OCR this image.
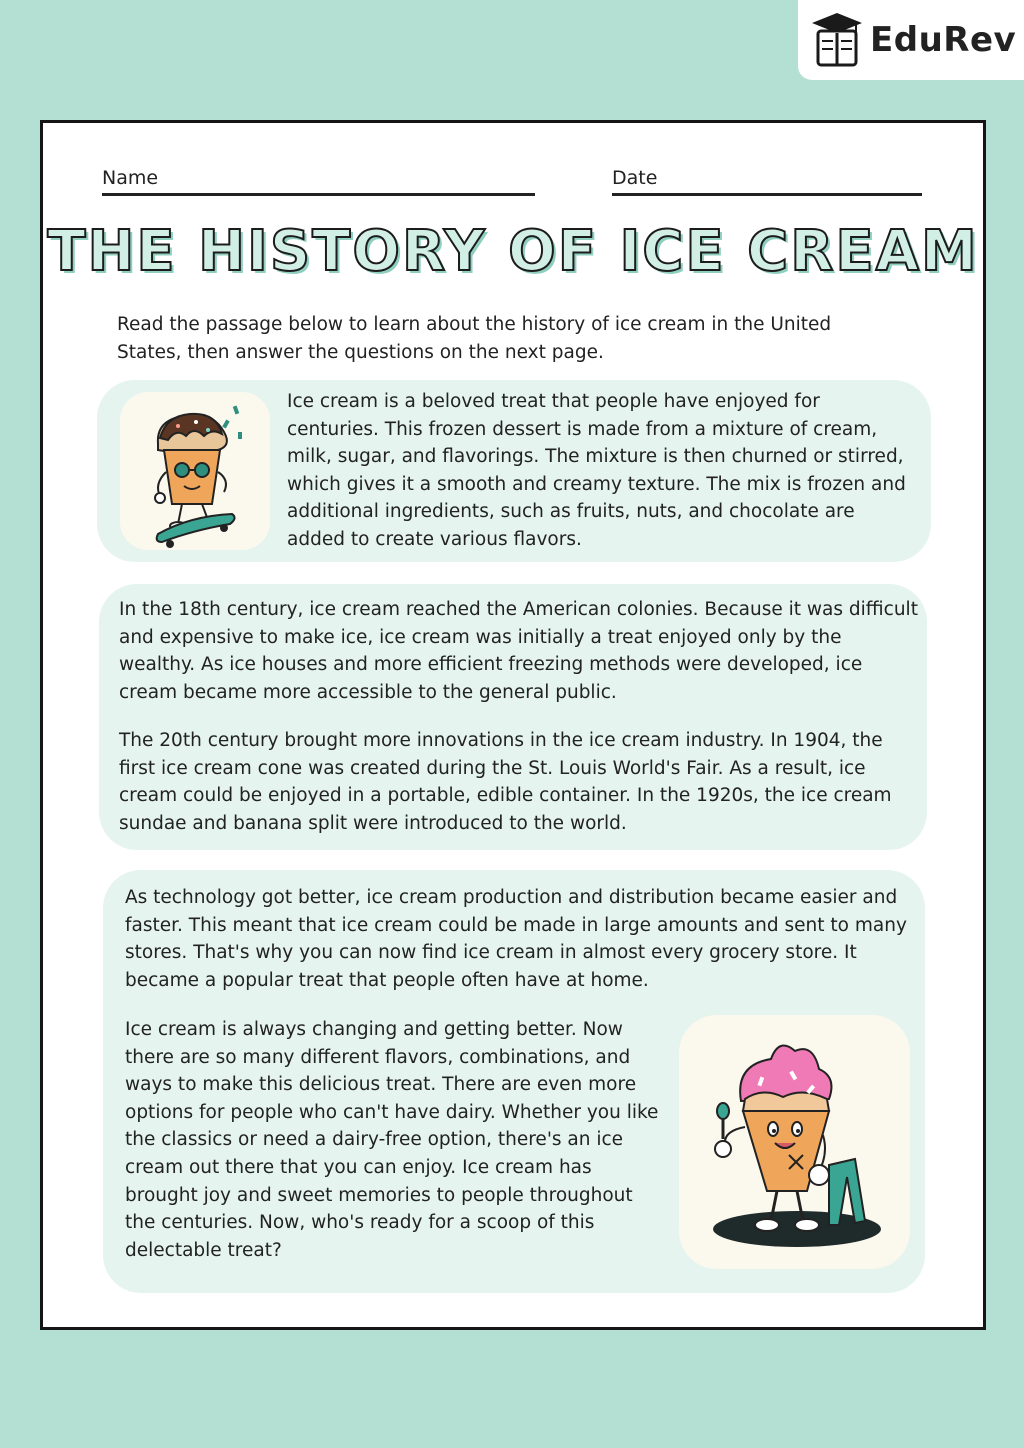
EduRev
Name	Date
THE HISTORY OF ICE CREAM

Read the passage below to learn about the history of ice cream in the United States, then answer the questions on the next page.

Ice cream is a beloved treat that people have enjoyed for centuries. This frozen dessert is made from a mixture of cream, milk, sugar, and flavorings. The mixture is then churned or stirred, which gives it a smooth and creamy texture. The mix is frozen and additional ingredients, such as fruits, nuts, and chocolate are added to create various flavors.

In the 18th century, ice cream reached the American colonies. Because it was difficult and expensive to make ice, ice cream was initially a treat enjoyed only by the wealthy. As ice houses and more efficient freezing methods were developed, ice cream became more accessible to the general public.

The 20th century brought more innovations in the ice cream industry. In 1904, the first ice cream cone was created during the St. Louis World's Fair. As a result, ice cream could be enjoyed in a portable, edible container. In the 1920s, the ice cream sundae and banana split were introduced to the world.

As technology got better, ice cream production and distribution became easier and faster. This meant that ice cream could be made in large amounts and sent to many stores. That's why you can now find ice cream in almost every grocery store. It became a popular treat that people often have at home.

Ice cream is always changing and getting better. Now there are so many different flavors, combinations, and ways to make this delicious treat. There are even more options for people who can't have dairy. Whether you like the classics or need a dairy-free option, there's an ice cream out there that you can enjoy. Ice cream has brought joy and sweet memories to people throughout the centuries. Now, who's ready for a scoop of this delectable treat?
